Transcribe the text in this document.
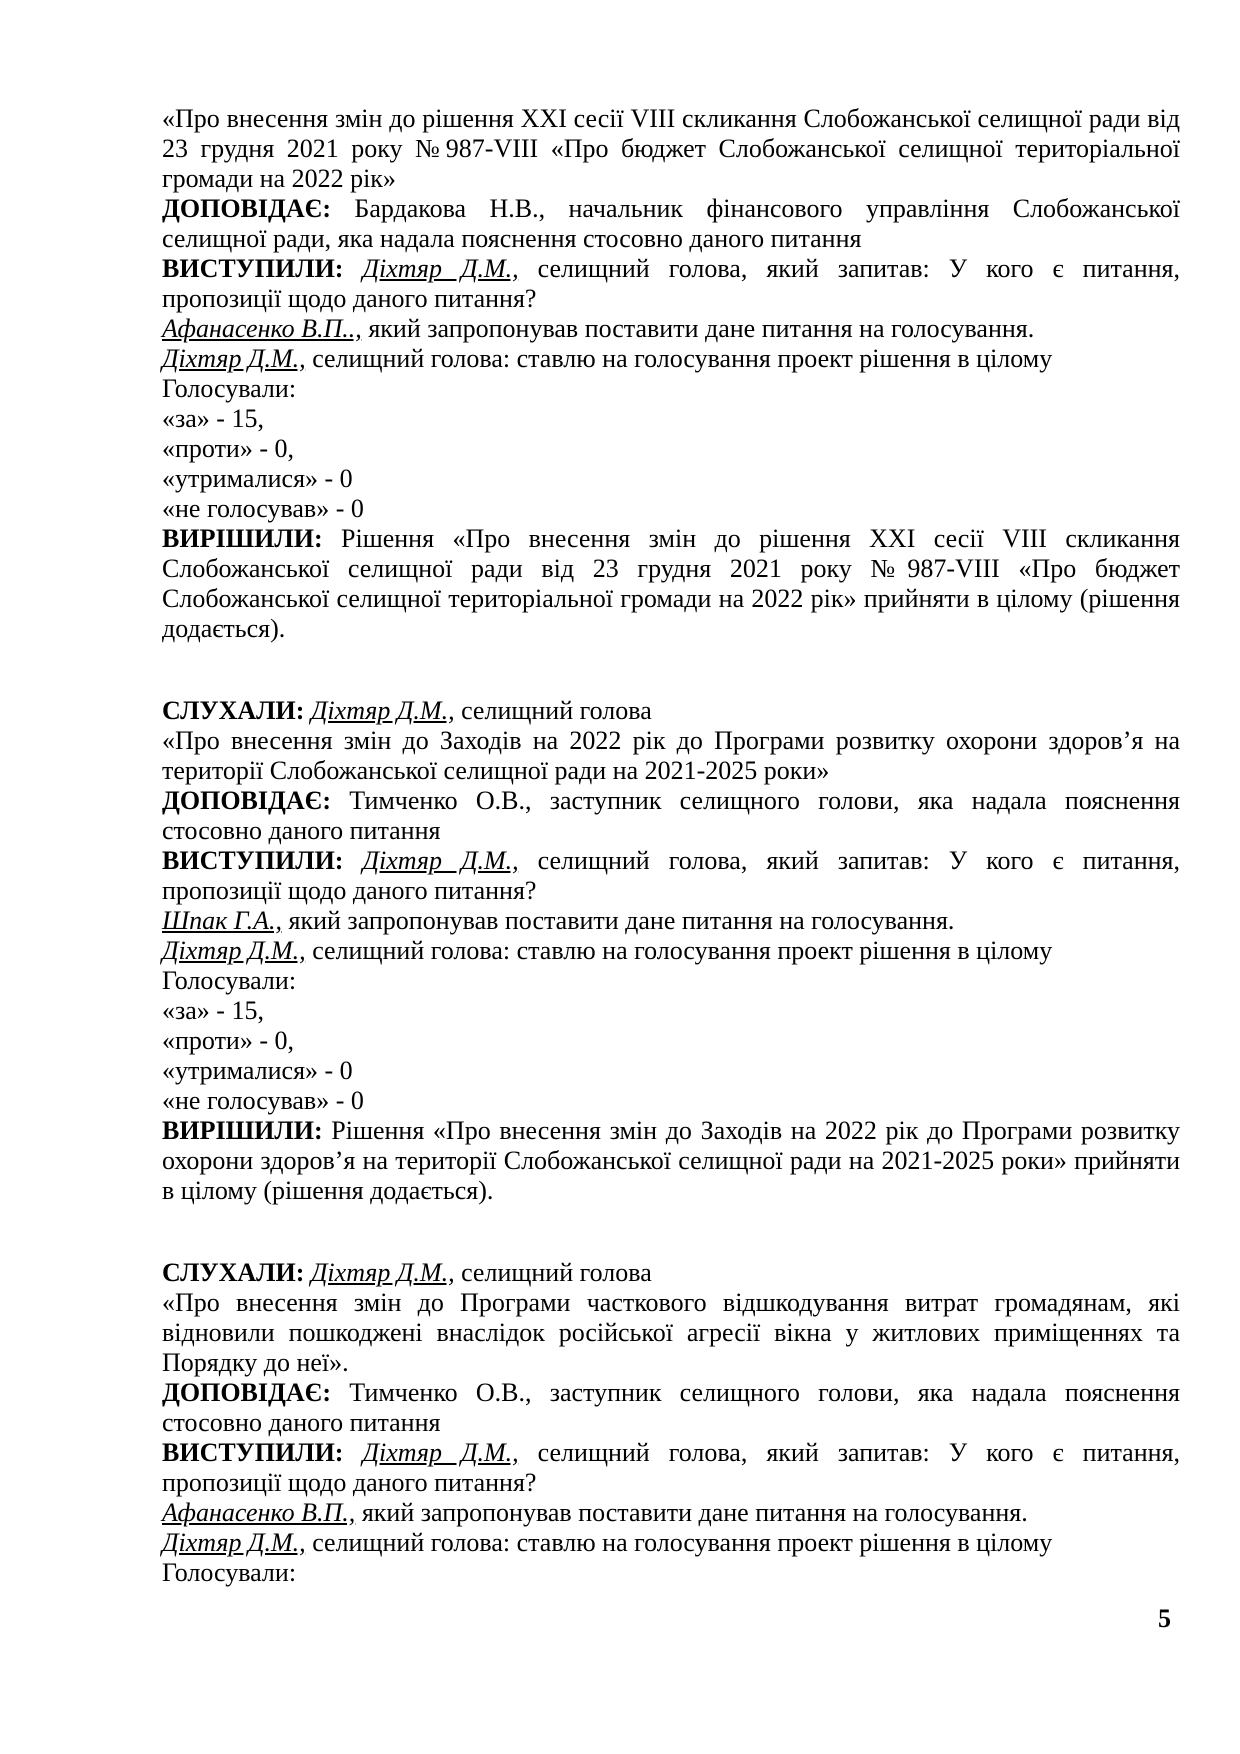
«Про внесення змін до рішення XXI сесії VIII скликання Слобожанської селищної ради від 23 грудня 2021 року №987-VIII «Про бюджет Слобожанської селищної територіальної громади на 2022 рік»

ДОПОВІДАЄ: Бардакова Н.В., начальник фінансового управління Слобожанської селищної ради, яка надала пояснення стосовно даного питання

ВИСТУПИЛИ: Діхтяр Д.М., селищний голова, який запитав: У кого є питання, пропозиції щодо даного питання?

Афанасенко В.П.., який запропонував поставити дане питання на голосування.

Діхтяр Д.М., селищний голова: ставлю на голосування проект рішення в цілому

Голосували:

«за» - 15,

«проти» - 0,

«утрималися» - 0

«не голосував» - 0

ВИРІШИЛИ: Рішення «Про внесення змін до рішення XXI сесії VIII скликання Слобожанської селищної ради від 23 грудня 2021 року №987-VIII «Про бюджет Слобожанської селищної територіальної громади на 2022 рік» прийняти в цілому (рішення додається).

СЛУХАЛИ: Діхтяр Д.М., селищний голова

«Про внесення змін до Заходів на 2022 рік до Програми розвитку охорони здоров’я на території Слобожанської селищної ради на 2021-2025 роки»

ДОПОВІДАЄ: Тимченко О.В., заступник селищного голови, яка надала пояснення стосовно даного питання

ВИСТУПИЛИ: Діхтяр Д.М., селищний голова, який запитав: У кого є питання, пропозиції щодо даного питання?

Шпак Г.А., який запропонував поставити дане питання на голосування.

Діхтяр Д.М., селищний голова: ставлю на голосування проект рішення в цілому

Голосували:

«за» - 15,

«проти» - 0,

«утрималися» - 0

«не голосував» - 0

ВИРІШИЛИ: Рішення «Про внесення змін до Заходів на 2022 рік до Програми розвитку охорони здоров’я на території Слобожанської селищної ради на 2021-2025 роки» прийняти в цілому (рішення додається).

СЛУХАЛИ: Діхтяр Д.М., селищний голова

«Про внесення змін до Програми часткового відшкодування витрат громадянам, які відновили пошкоджені внаслідок російської агресії вікна у житлових приміщеннях та Порядку до неї».

ДОПОВІДАЄ: Тимченко О.В., заступник селищного голови, яка надала пояснення стосовно даного питання

ВИСТУПИЛИ: Діхтяр Д.М., селищний голова, який запитав: У кого є питання, пропозиції щодо даного питання?

Афанасенко В.П., який запропонував поставити дане питання на голосування.

Діхтяр Д.М., селищний голова: ставлю на голосування проект рішення в цілому

Голосували:

5
